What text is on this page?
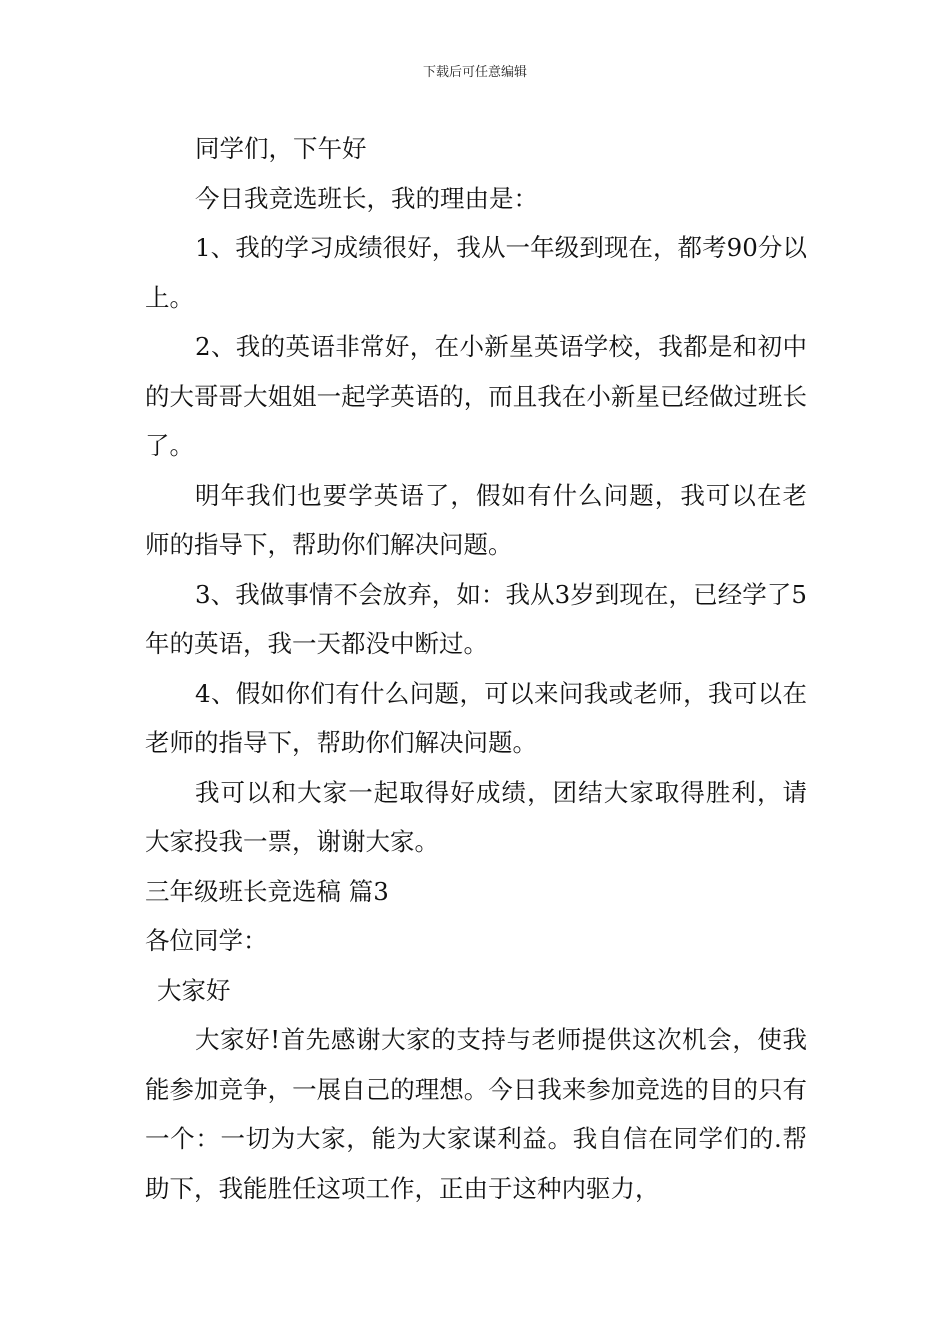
下载后可任意编辑

同学们，下午好

今日我竞选班长，我的理由是：

1、我的学习成绩很好，我从一年级到现在，都考90分以上。

2、我的英语非常好，在小新星英语学校，我都是和初中的大哥哥大姐姐一起学英语的，而且我在小新星已经做过班长了。

明年我们也要学英语了，假如有什么问题，我可以在老师的指导下，帮助你们解决问题。

3、我做事情不会放弃，如：我从3岁到现在，已经学了5年的英语，我一天都没中断过。

4、假如你们有什么问题，可以来问我或老师，我可以在老师的指导下，帮助你们解决问题。

我可以和大家一起取得好成绩，团结大家取得胜利，请大家投我一票，谢谢大家。

三年级班长竞选稿 篇3

各位同学：

大家好

大家好!首先感谢大家的支持与老师提供这次机会，使我能参加竞争，一展自己的理想。今日我来参加竞选的目的只有一个：一切为大家，能为大家谋利益。我自信在同学们的.帮助下，我能胜任这项工作，正由于这种内驱力，
